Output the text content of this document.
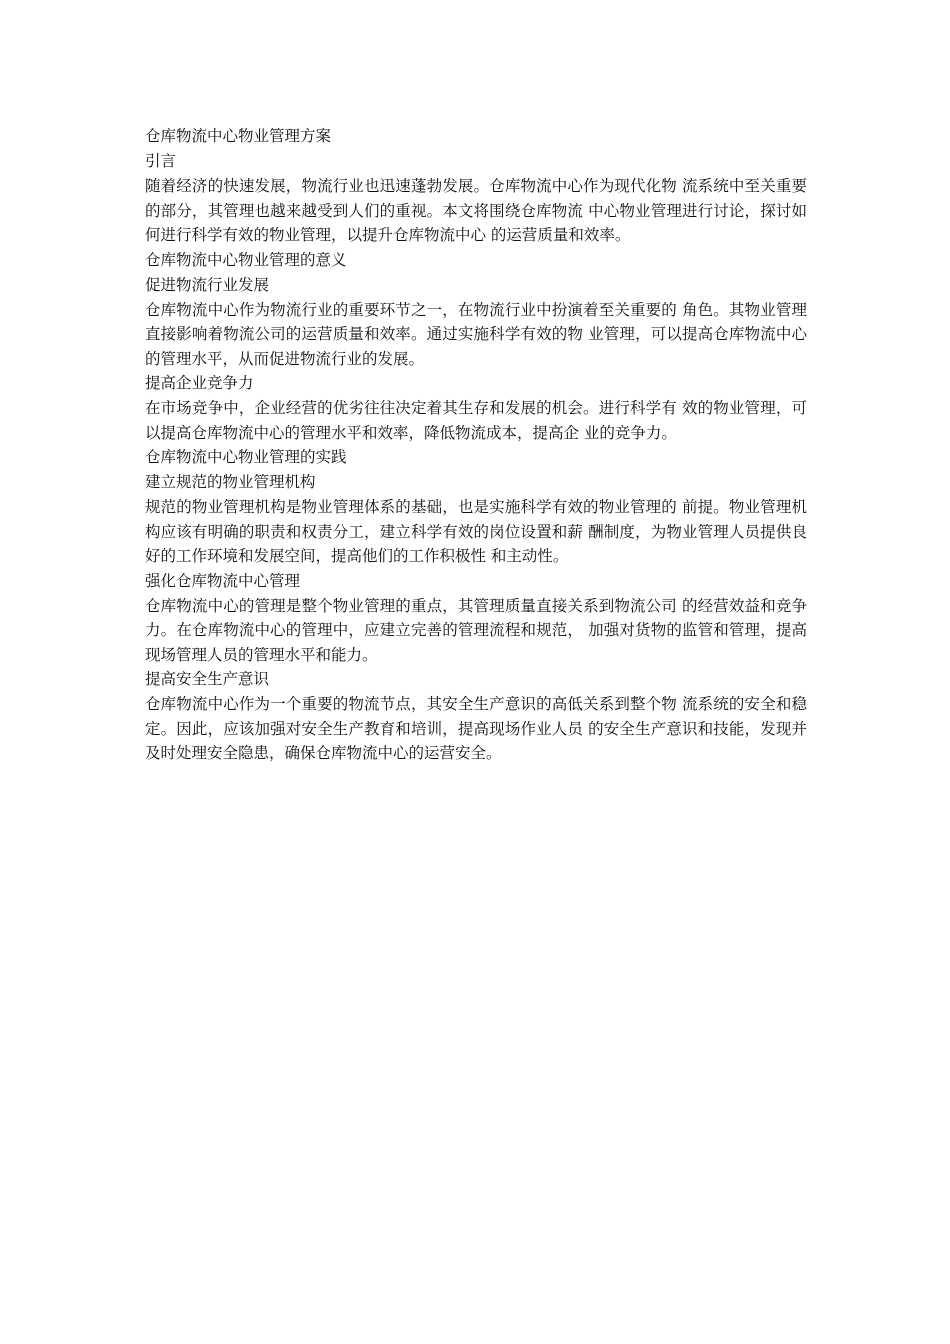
仓库物流中心物业管理方案

引言

随着经济的快速发展，物流行业也迅速蓬勃发展。仓库物流中心作为现代化物 流系统中至关重要的部分，其管理也越来越受到人们的重视。本文将围绕仓库物流 中心物业管理进行讨论，探讨如何进行科学有效的物业管理，以提升仓库物流中心 的运营质量和效率。

仓库物流中心物业管理的意义

促进物流行业发展

仓库物流中心作为物流行业的重要环节之一，在物流行业中扮演着至关重要的 角色。其物业管理直接影响着物流公司的运营质量和效率。通过实施科学有效的物 业管理，可以提高仓库物流中心的管理水平，从而促进物流行业的发展。

提高企业竞争力

在市场竞争中，企业经营的优劣往往决定着其生存和发展的机会。进行科学有 效的物业管理，可以提高仓库物流中心的管理水平和效率，降低物流成本，提高企 业的竞争力。

仓库物流中心物业管理的实践

建立规范的物业管理机构

规范的物业管理机构是物业管理体系的基础，也是实施科学有效的物业管理的 前提。物业管理机构应该有明确的职责和权责分工，建立科学有效的岗位设置和薪 酬制度，为物业管理人员提供良好的工作环境和发展空间，提高他们的工作积极性 和主动性。

强化仓库物流中心管理

仓库物流中心的管理是整个物业管理的重点，其管理质量直接关系到物流公司 的经营效益和竞争力。在仓库物流中心的管理中，应建立完善的管理流程和规范， 加强对货物的监管和管理，提高现场管理人员的管理水平和能力。

提高安全生产意识

仓库物流中心作为一个重要的物流节点，其安全生产意识的高低关系到整个物 流系统的安全和稳定。因此，应该加强对安全生产教育和培训，提高现场作业人员 的安全生产意识和技能，发现并及时处理安全隐患，确保仓库物流中心的运营安全。
